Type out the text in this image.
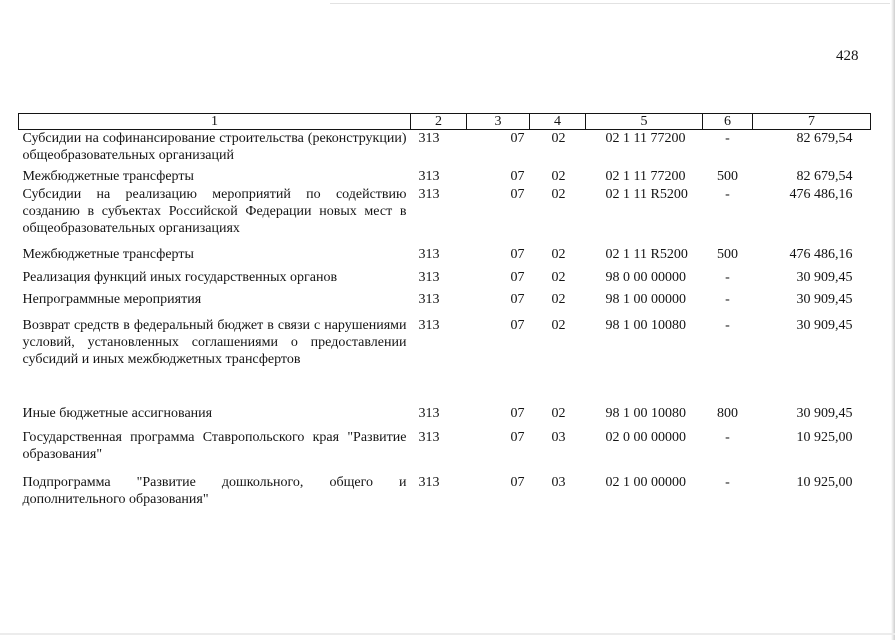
428
1	2	3	4	5	6	7
Субсидии на софинансирование строительства (реконструкции) общеобразовательных организаций	313	07	02	02 1 11 77200	-	82 679,54
Межбюджетные трансферты	313	07	02	02 1 11 77200	500	82 679,54
Субсидии на реализацию мероприятий по содействию созданию в субъектах Российской Федерации новых мест в общеобразовательных организациях	313	07	02	02 1 11 R5200	-	476 486,16
Межбюджетные трансферты	313	07	02	02 1 11 R5200	500	476 486,16
Реализация функций иных государственных органов	313	07	02	98 0 00 00000	-	30 909,45
Непрограммные мероприятия	313	07	02	98 1 00 00000	-	30 909,45
Возврат средств в федеральный бюджет в связи с нарушениями условий, установленных соглашениями о предоставлении субсидий и иных межбюджетных трансфертов	313	07	02	98 1 00 10080	-	30 909,45
Иные бюджетные ассигнования	313	07	02	98 1 00 10080	800	30 909,45
Государственная программа Ставропольского края "Развитие образования"	313	07	03	02 0 00 00000	-	10 925,00
Подпрограмма "Развитие дошкольного, общего и дополнительного образования"	313	07	03	02 1 00 00000	-	10 925,00
